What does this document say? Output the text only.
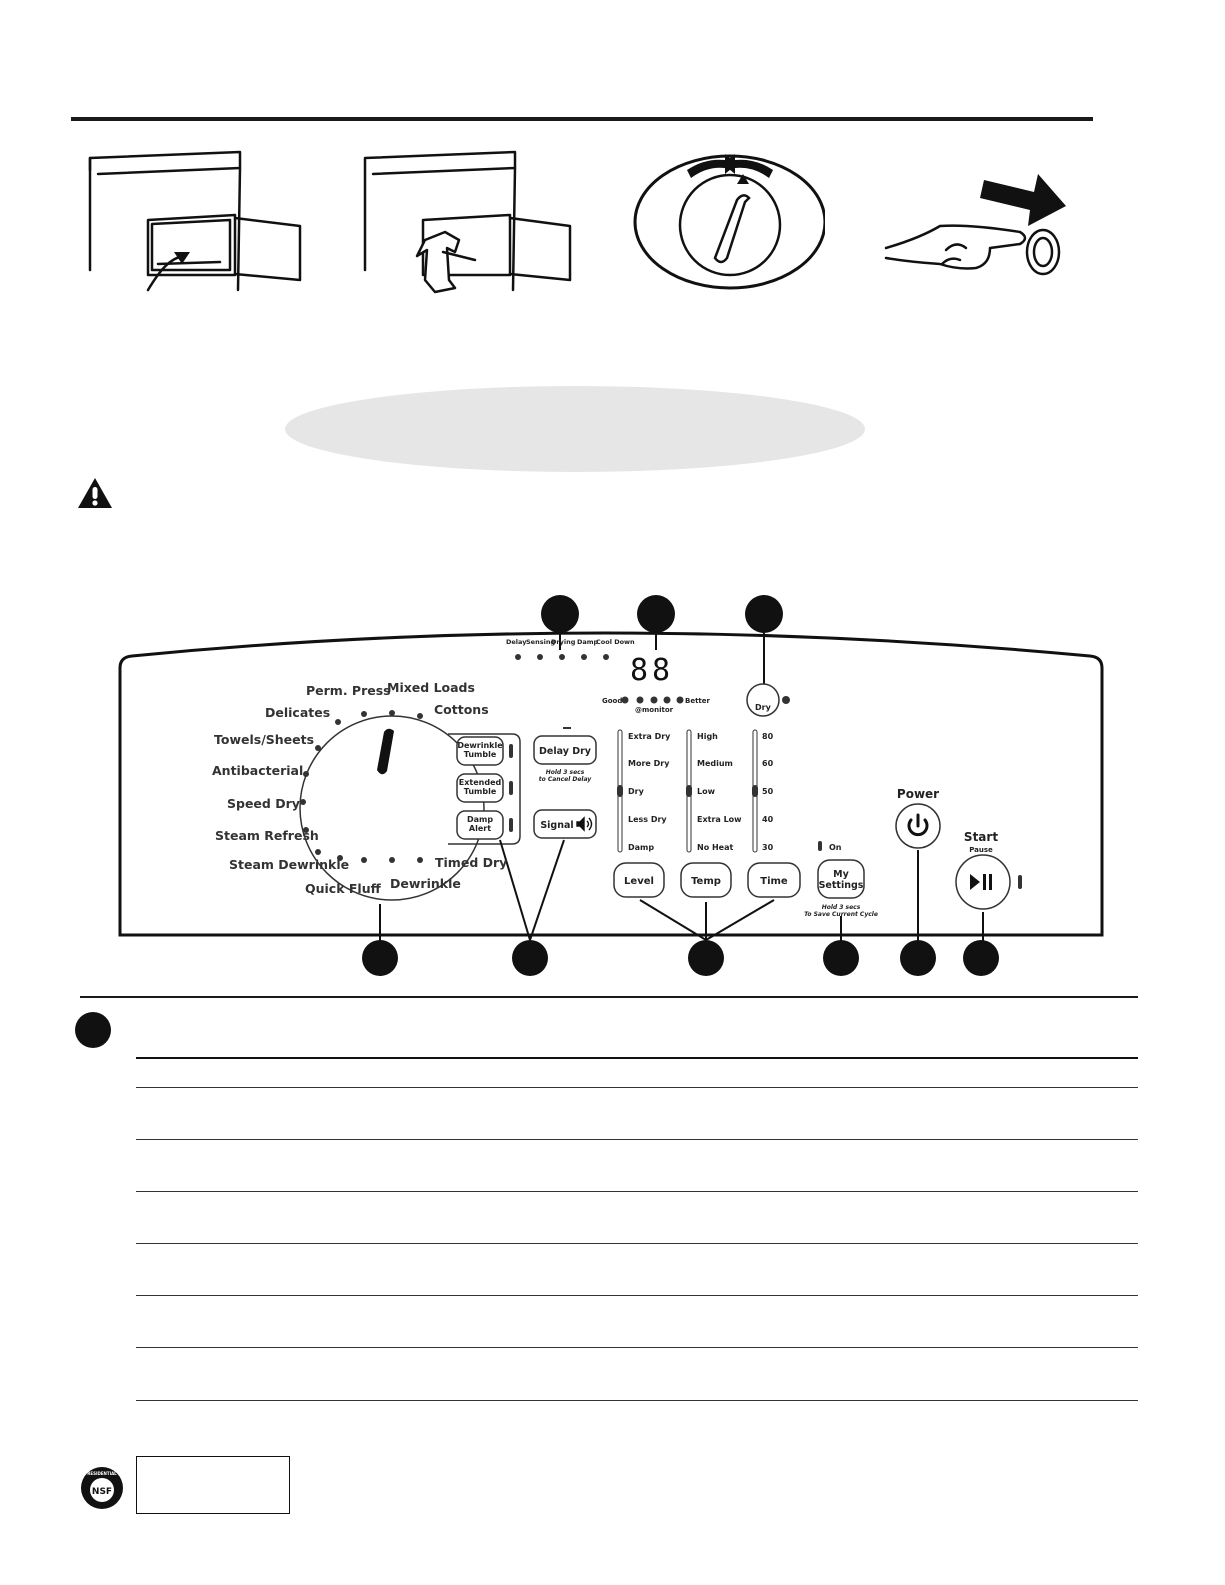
Delay Sensing
Drying Damp
Cool Down
88
Good	Better
@monitor	Dry
Dewrinkle
Tumble
Extended
Tumble
Damp
Alert
Delay Dry
Hold 3 secs
to Cancel Delay
Signal
Extra Dry
More Dry
Dry
Less Dry
Damp
High
Medium
Low
Extra Low
No Heat
80
60
50
40
30
Level	Temp	Time
My
Settings
Hold 3 secs
To Save Current Cycle
On
Power
Start
Pause
Perm. Press
Mixed Loads
Delicates	Cottons
Towels/Sheets
Antibacterial
Speed Dry
Steam Refresh
Steam Dewrinkle	Timed Dry
Quick Fluff Dewrinkle
NSF
RESIDENTIAL
